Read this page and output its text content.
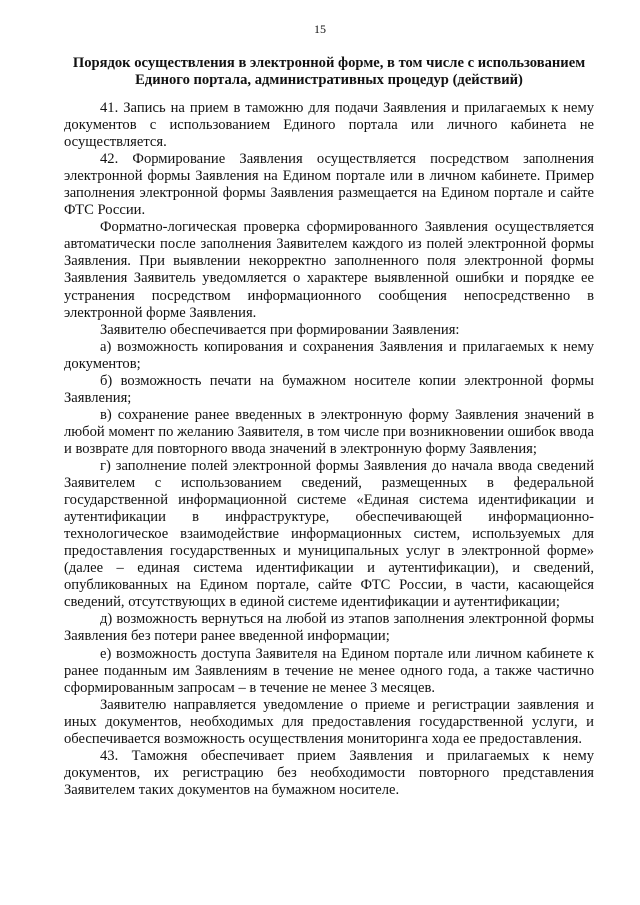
15
Порядок осуществления в электронной форме, в том числе с использованием Единого портала, административных процедур (действий)

41. Запись на прием в таможню для подачи Заявления и прилагаемых к нему документов с использованием Единого портала или личного кабинета не осуществляется.

42. Формирование Заявления осуществляется посредством заполнения электронной формы Заявления на Едином портале или в личном кабинете. Пример заполнения электронной формы Заявления размещается на Едином портале и сайте ФТС России.

Форматно-логическая проверка сформированного Заявления осуществляется автоматически после заполнения Заявителем каждого из полей электронной формы Заявления. При выявлении некорректно заполненного поля электронной формы Заявления Заявитель уведомляется о характере выявленной ошибки и порядке ее устранения посредством информационного сообщения непосредственно в электронной форме Заявления.

Заявителю обеспечивается при формировании Заявления:

а) возможность копирования и сохранения Заявления и прилагаемых к нему документов;

б) возможность печати на бумажном носителе копии электронной формы Заявления;

в) сохранение ранее введенных в электронную форму Заявления значений в любой момент по желанию Заявителя, в том числе при возникновении ошибок ввода и возврате для повторного ввода значений в электронную форму Заявления;

г) заполнение полей электронной формы Заявления до начала ввода сведений Заявителем с использованием сведений, размещенных в федеральной государственной информационной системе «Единая система идентификации и аутентификации в инфраструктуре, обеспечивающей информационно-технологическое взаимодействие информационных систем, используемых для предоставления государственных и муниципальных услуг в электронной форме» (далее – единая система идентификации и аутентификации), и сведений, опубликованных на Едином портале, сайте ФТС России, в части, касающейся сведений, отсутствующих в единой системе идентификации и аутентификации;

д) возможность вернуться на любой из этапов заполнения электронной формы Заявления без потери ранее введенной информации;

е) возможность доступа Заявителя на Едином портале или личном кабинете к ранее поданным им Заявлениям в течение не менее одного года, а также частично сформированным запросам – в течение не менее 3 месяцев.

Заявителю направляется уведомление о приеме и регистрации заявления и иных документов, необходимых для предоставления государственной услуги, и обеспечивается возможность осуществления мониторинга хода ее предоставления.

43. Таможня обеспечивает прием Заявления и прилагаемых к нему документов, их регистрацию без необходимости повторного представления Заявителем таких документов на бумажном носителе.
